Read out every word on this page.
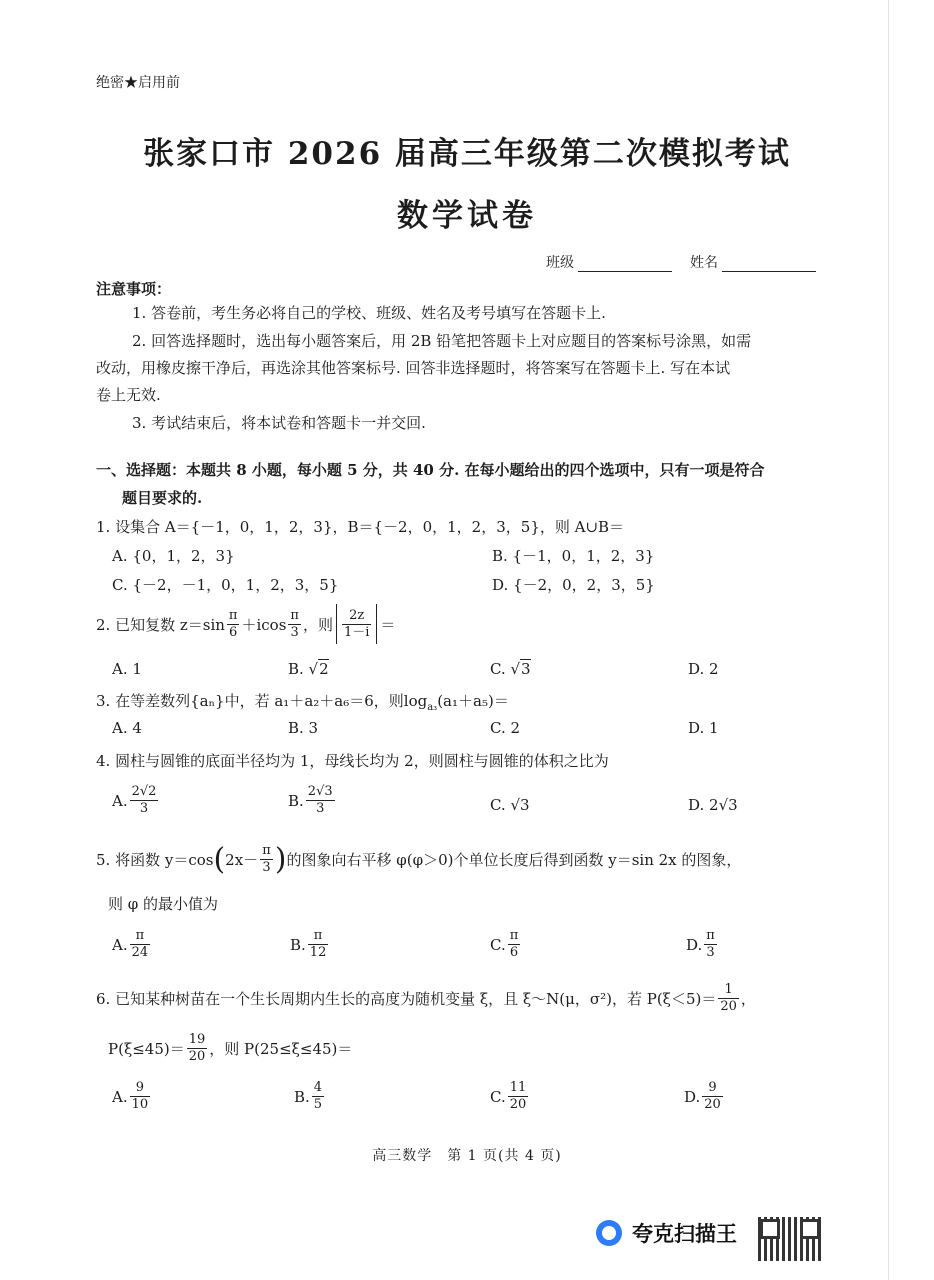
绝密★启用前
张家口市 2026 届高三年级第二次模拟考试
数学试卷
班级	姓名
注意事项：
1. 答卷前，考生务必将自己的学校、班级、姓名及考号填写在答题卡上.
2. 回答选择题时，选出每小题答案后，用 2B 铅笔把答题卡上对应题目的答案标号涂黑，如需
改动，用橡皮擦干净后，再选涂其他答案标号. 回答非选择题时，将答案写在答题卡上. 写在本试
卷上无效.
3. 考试结束后，将本试卷和答题卡一并交回.
一、选择题：本题共 8 小题，每小题 5 分，共 40 分. 在每小题给出的四个选项中，只有一项是符合
题目要求的.
1. 设集合 A＝{－1，0，1，2，3}，B＝{－2，0，1，2，3，5}，则 A∪B＝
A. {0，1，2，3}	B. {－1，0，1，2，3}
C. {－2，－1，0，1，2，3，5}	D. {－2，0，2，3，5}
2. 已知复数 $z=\sin \frac{\pi}{6} +icos \frac{\pi}{3}$ ，则 $\frac{2z}{1-i}$ ＝
A. 1	B. √2	C. √3	D. 2
3. 在等差数列{aₙ}中，若 a₁＋a₂＋a₆＝6，则$\log_{a_3}(a_1+a_5)=$
A. 4	B. 3	C. 2	D. 1
4. 圆柱与圆锥的底面半径均为 1，母线长均为 2，则圆柱与圆锥的体积之比为
A. $\frac{2√2}{3}$	B. $\frac{2√3}{3}$	C. √3	D. 2√3
5. 将函数 y＝cos ( $2x- \frac{\pi}{3}$ ) 的图象向右平移 φ(φ＞0)个单位长度后得到函数 y＝sin 2x 的图象，
则 φ 的最小值为
A. $\frac{\pi}{24}$	B. $\frac{\pi}{12}$	C. $\frac{\pi}{6}$	D. $\frac{\pi}{3}$
6. 已知某种树苗在一个生长周期内生长的高度为随机变量 ξ，且 ξ～N(μ，σ²)，若 $P(\xi<5)= \frac{1}{20}$ ，
$P(\xi\le 45)= \frac{19}{20}$ ，则 P(25≤ξ≤45)＝
A. $\frac{9}{10}$	B. $\frac{4}{5}$	C. $\frac{11}{20}$	D. $\frac{9}{20}$
高三数学　第 1 页(共 4 页)
夸克扫描王
